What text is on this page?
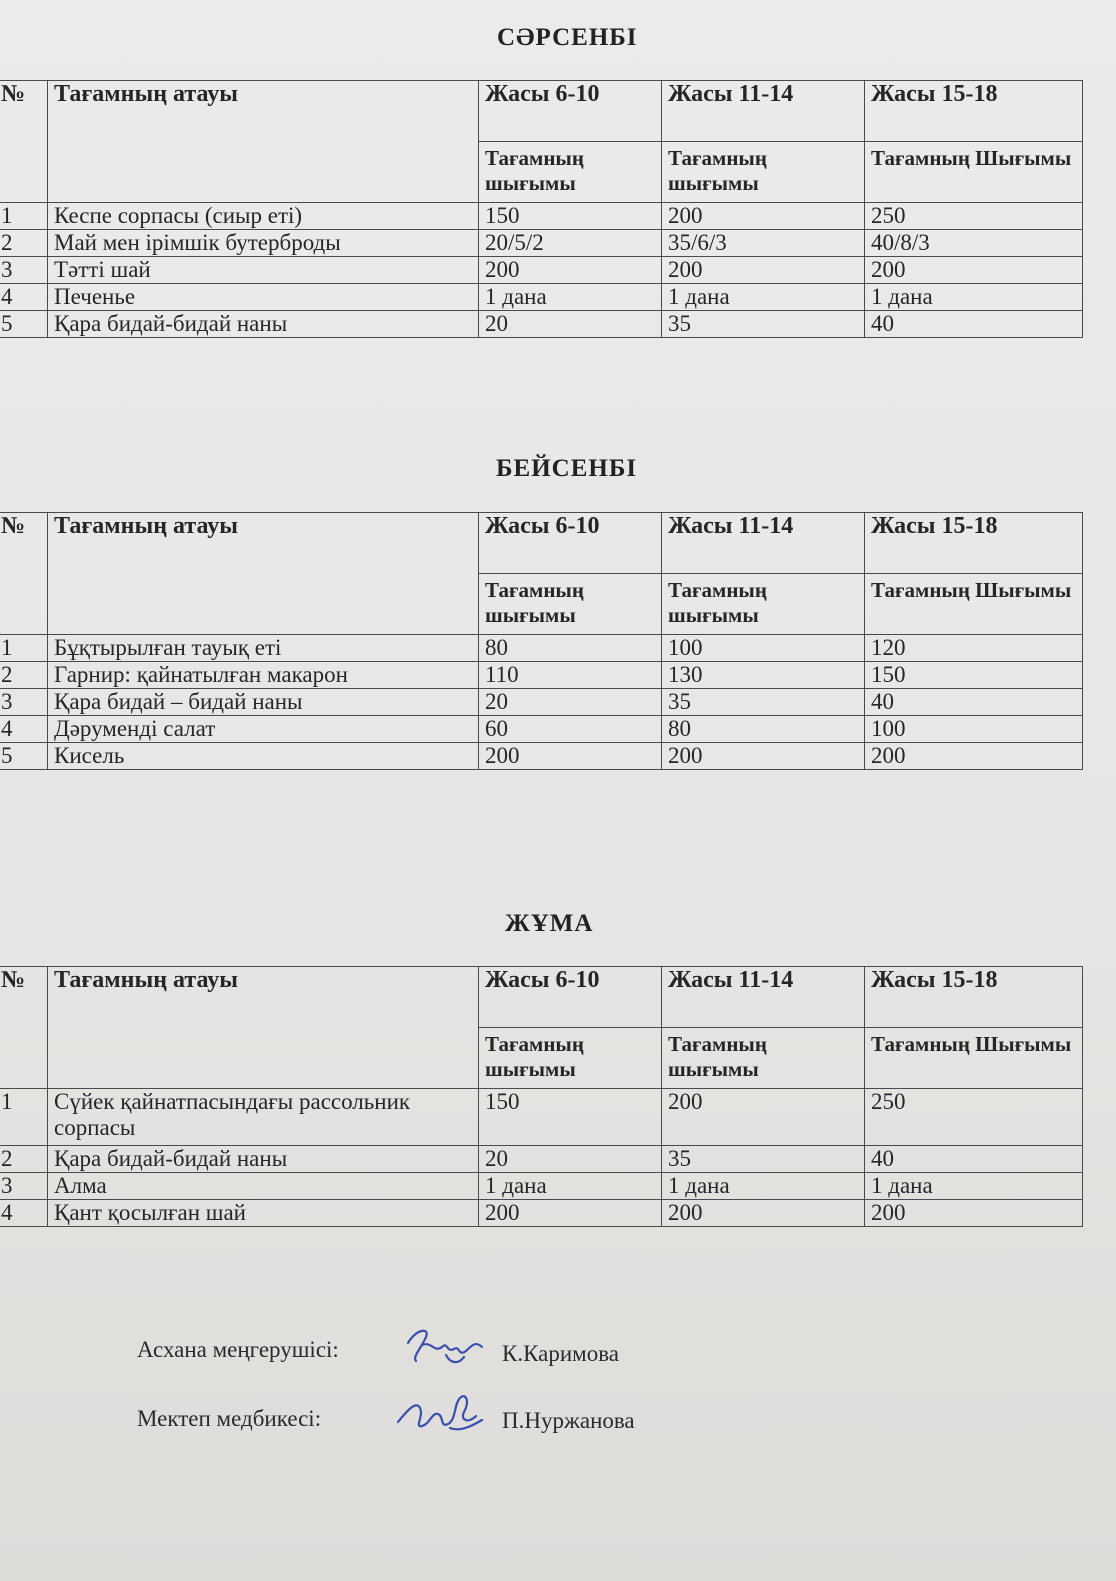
СӘРСЕНБІ
№	Тағамның атауы	Жасы 6-10	Жасы 11-14	Жасы 15-18
		Тағамның шығымы	Тағамның шығымы	Тағамның Шығымы
1	Кеспе сорпасы (сиыр еті)	150	200	250
2	Май мен ірімшік бутерброды	20/5/2	35/6/3	40/8/3
3	Тәтті шай	200	200	200
4	Печенье	1 дана	1 дана	1 дана
5	Қара бидай-бидай наны	20	35	40
БЕЙСЕНБІ
№	Тағамның атауы	Жасы 6-10	Жасы 11-14	Жасы 15-18
		Тағамның шығымы	Тағамның шығымы	Тағамның Шығымы
1	Бұқтырылған тауық еті	80	100	120
2	Гарнир: қайнатылған макарон	110	130	150
3	Қара бидай – бидай наны	20	35	40
4	Дәруменді салат	60	80	100
5	Кисель	200	200	200
ЖҰМА
№	Тағамның атауы	Жасы 6-10	Жасы 11-14	Жасы 15-18
		Тағамның шығымы	Тағамның шығымы	Тағамның Шығымы
1	Сүйек қайнатпасындағы рассольник сорпасы	150	200	250
2	Қара бидай-бидай наны	20	35	40
3	Алма	1 дана	1 дана	1 дана
4	Қант қосылған шай	200	200	200
Асхана меңгерушісі:	К.Каримова
Мектеп медбикесі:	П.Нуржанова
